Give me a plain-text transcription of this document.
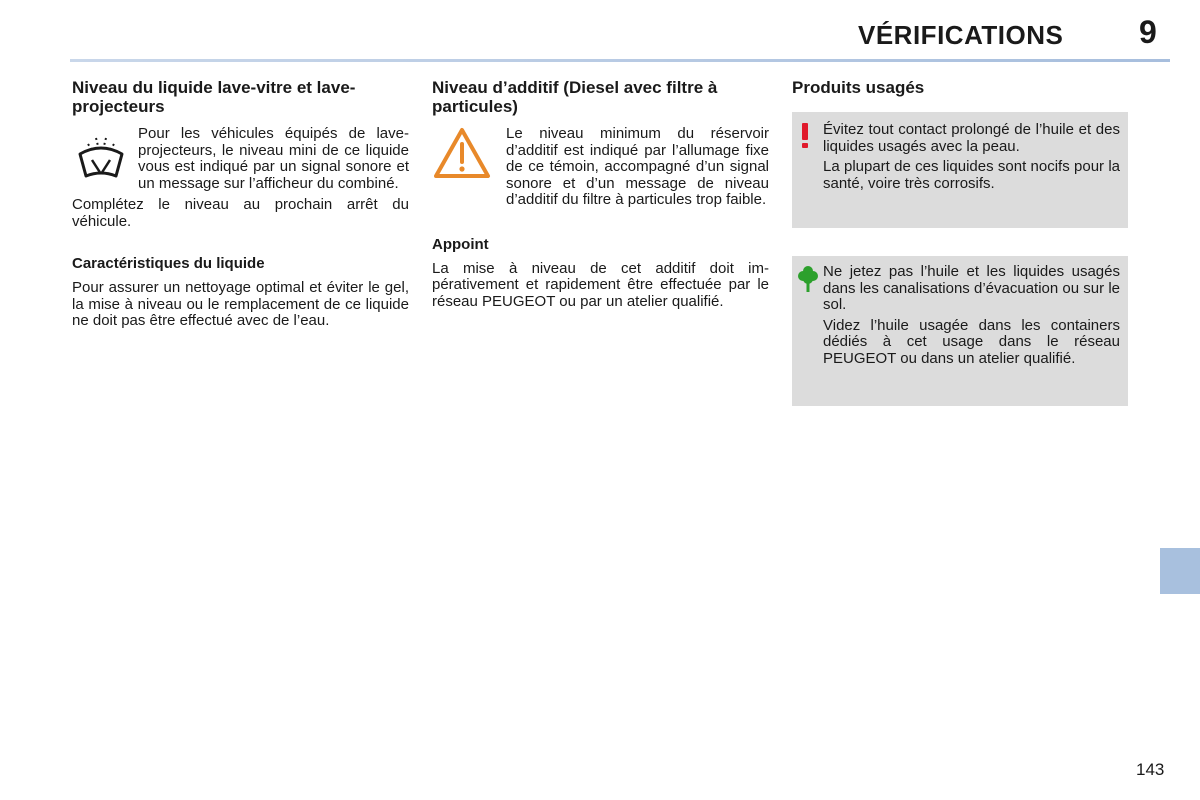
VÉRIFICATIONS 9
Niveau du liquide lave-vitre et lave-projecteurs

Pour les véhicules équipés de lave-projecteurs, le niveau mini de ce liquide vous est indiqué par un signal sonore et un message sur l’afficheur du combiné.

Complétez le niveau au prochain arrêt du véhicule.

Caractéristiques du liquide

Pour assurer un nettoyage optimal et éviter le gel, la mise à niveau ou le remplacement de ce liquide ne doit pas être effectué avec de l’eau.

Niveau d’additif (Diesel avec filtre à particules)

Le niveau minimum du réservoir d’additif est indiqué par l’allumage fixe de ce témoin, accompagné d’un signal sonore et d’un message de niveau d’additif du filtre à particules trop faible.

Appoint

La mise à niveau de cet additif doit impérativement et rapidement être effectuée par le réseau PEUGEOT ou par un atelier qualifié.

Produits usagés

Évitez tout contact prolongé de l’huile et des liquides usagés avec la peau.

La plupart de ces liquides sont nocifs pour la santé, voire très corrosifs.

Ne jetez pas l’huile et les liquides usagés dans les canalisations d’évacuation ou sur le sol.

Videz l’huile usagée dans les containers dédiés à cet usage dans le réseau PEUGEOT ou dans un atelier qualifié.

143
